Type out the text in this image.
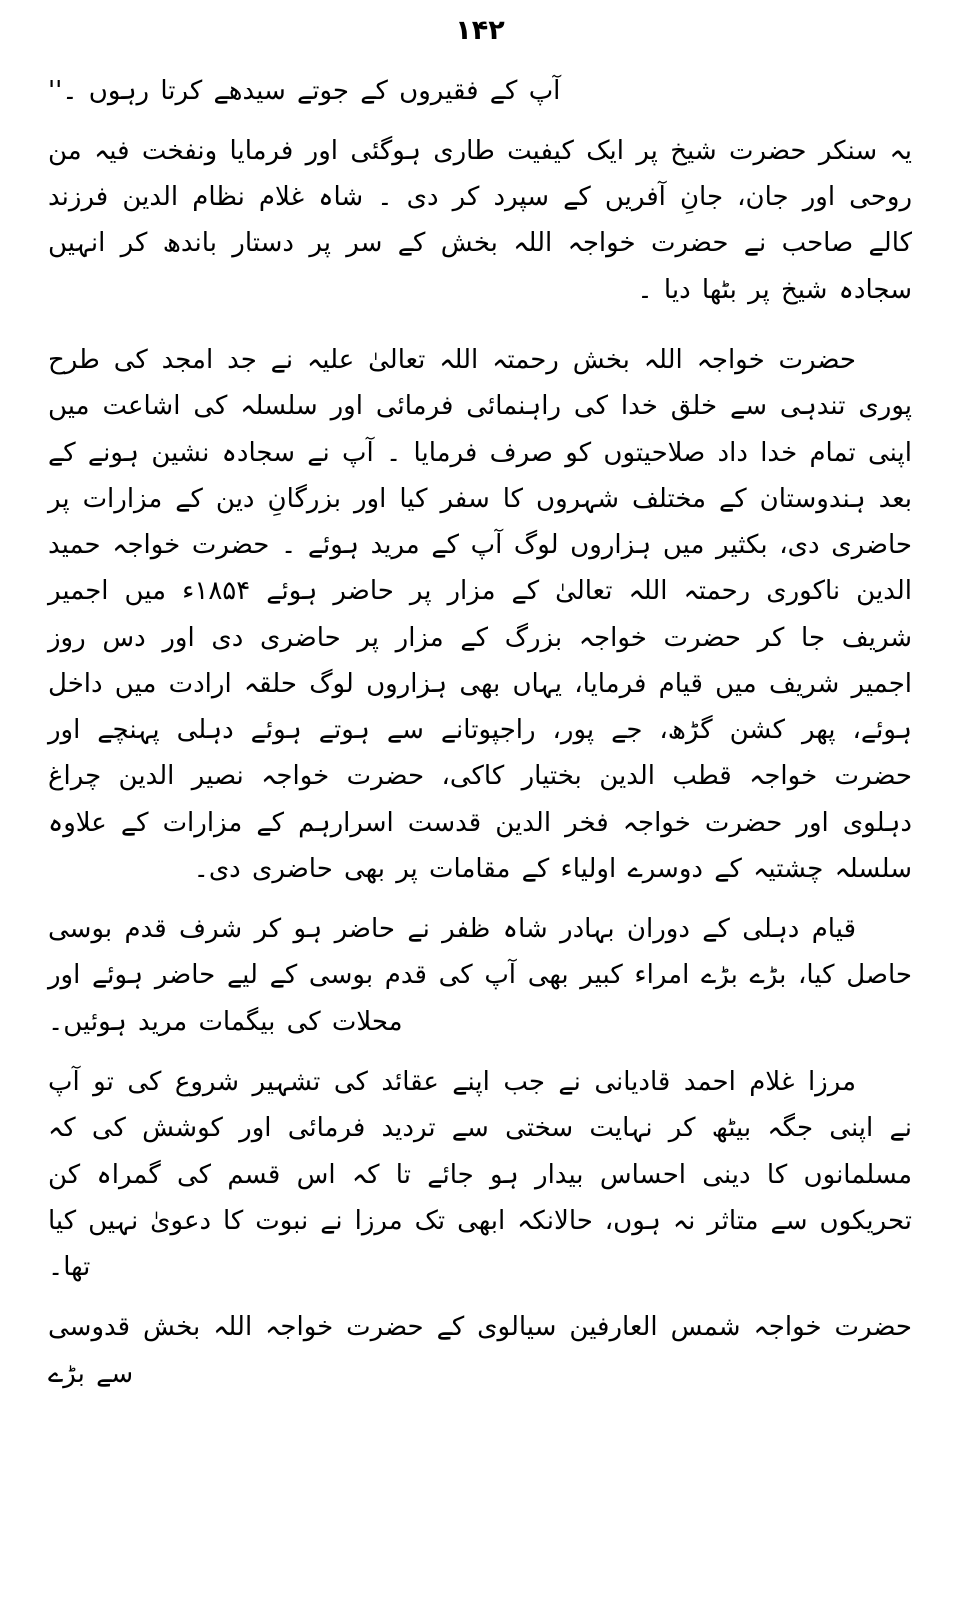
۱۴۲

آپ کے فقیروں کے جوتے سیدھے کرتا رہوں ۔''

یہ سنکر حضرت شیخ پر ایک کیفیت طاری ہوگئی اور فرمایا ونفخت فیہ من روحی اور جان، جانِ آفریں کے سپرد کر دی ۔ شاہ غلام نظام الدین فرزند کالے صاحب نے حضرت خواجہ اللہ بخش کے سر پر دستار باندھ کر انہیں سجادہ شیخ پر بٹھا دیا ۔

حضرت خواجہ اللہ بخش رحمتہ اللہ تعالیٰ علیہ نے جد امجد کی طرح پوری تندہی سے خلق خدا کی راہنمائی فرمائی اور سلسلہ کی اشاعت میں اپنی تمام خدا داد صلاحیتوں کو صرف فرمایا ۔ آپ نے سجادہ نشین ہونے کے بعد ہندوستان کے مختلف شہروں کا سفر کیا اور بزرگانِ دین کے مزارات پر حاضری دی، بکثیر میں ہزاروں لوگ آپ کے مرید ہوئے ۔ حضرت خواجہ حمید الدین ناکوری رحمتہ اللہ تعالیٰ کے مزار پر حاضر ہوئے ۱۸۵۴ء میں اجمیر شریف جا کر حضرت خواجہ بزرگ کے مزار پر حاضری دی اور دس روز اجمیر شریف میں قیام فرمایا، یہاں بھی ہزاروں لوگ حلقہ ارادت میں داخل ہوئے، پھر کشن گڑھ، جے پور، راجپوتانے سے ہوتے ہوئے دہلی پہنچے اور حضرت خواجہ قطب الدین بختیار کاکی، حضرت خواجہ نصیر الدین چراغ دہلوی اور حضرت خواجہ فخر الدین قدست اسرارہم کے مزارات کے علاوہ سلسلہ چشتیہ کے دوسرے اولیاء کے مقامات پر بھی حاضری دی۔

قیام دہلی کے دوران بہادر شاہ ظفر نے حاضر ہو کر شرف قدم بوسی حاصل کیا، بڑے بڑے امراء کبیر بھی آپ کی قدم بوسی کے لیے حاضر ہوئے اور محلات کی بیگمات مرید ہوئیں۔

مرزا غلام احمد قادیانی نے جب اپنے عقائد کی تشہیر شروع کی تو آپ نے اپنی جگہ بیٹھ کر نہایت سختی سے تردید فرمائی اور کوشش کی کہ مسلمانوں کا دینی احساس بیدار ہو جائے تا کہ اس قسم کی گمراہ کن تحریکوں سے متاثر نہ ہوں، حالانکہ ابھی تک مرزا نے نبوت کا دعویٰ نہیں کیا تھا۔

حضرت خواجہ شمس العارفین سیالوی کے حضرت خواجہ اللہ بخش قدوسی سے بڑے
